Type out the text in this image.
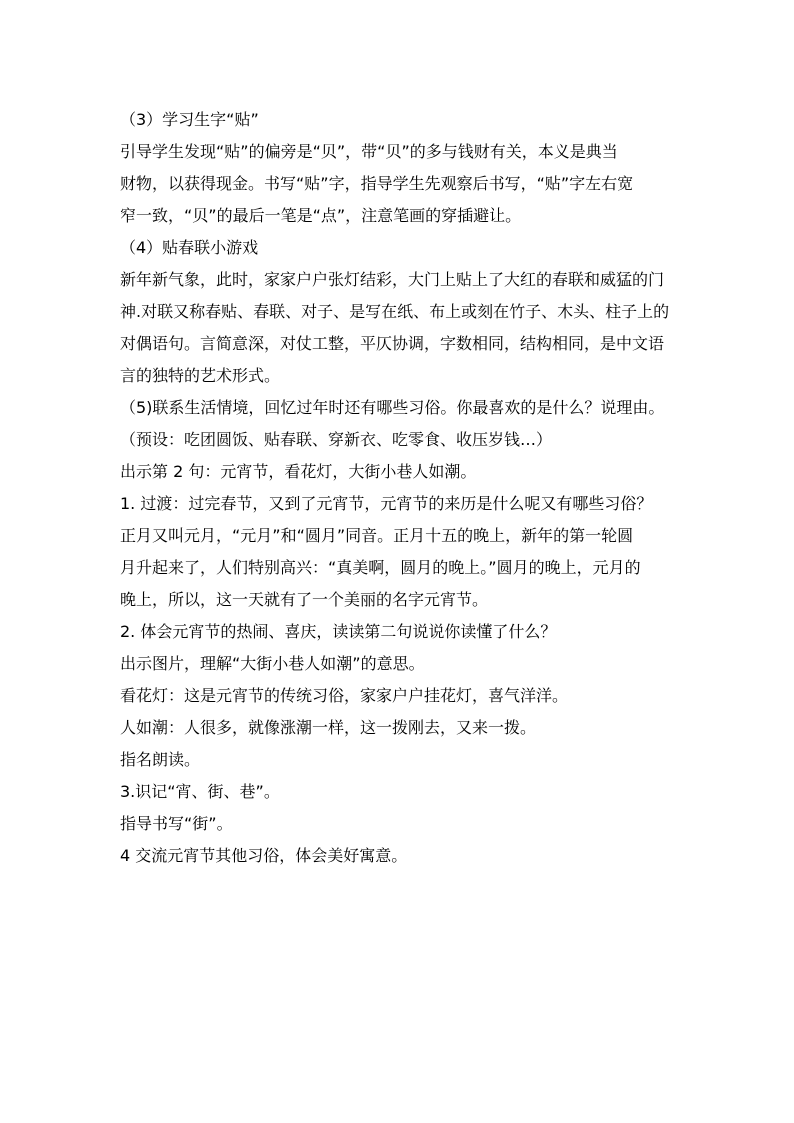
（3）学习生字“贴”
引导学生发现“贴”的偏旁是“贝”，带“贝”的多与钱财有关，本义是典当
财物，以获得现金。书写“贴”字，指导学生先观察后书写，“贴”字左右宽
窄一致，“贝”的最后一笔是“点”，注意笔画的穿插避让。
（4）贴春联小游戏
新年新气象，此时，家家户户张灯结彩，大门上贴上了大红的春联和威猛的门
神.对联又称春贴、春联、对子、是写在纸、布上或刻在竹子、木头、柱子上的
对偶语句。言简意深，对仗工整，平仄协调，字数相同，结构相同，是中文语
言的独特的艺术形式。
（5)联系生活情境，回忆过年时还有哪些习俗。你最喜欢的是什么？说理由。
（预设：吃团圆饭、贴春联、穿新衣、吃零食、收压岁钱…）
出示第 2 句：元宵节，看花灯，大街小巷人如潮。
1. 过渡：过完春节，又到了元宵节，元宵节的来历是什么呢又有哪些习俗？
正月又叫元月，“元月”和“圆月”同音。正月十五的晚上，新年的第一轮圆
月升起来了，人们特别高兴：“真美啊，圆月的晚上。”圆月的晚上，元月的
晚上，所以，这一天就有了一个美丽的名字元宵节。
2. 体会元宵节的热闹、喜庆，读读第二句说说你读懂了什么？
出示图片，理解“大街小巷人如潮”的意思。
看花灯：这是元宵节的传统习俗，家家户户挂花灯，喜气洋洋。
人如潮：人很多，就像涨潮一样，这一拨刚去，又来一拨。
指名朗读。
3.识记“宵、街、巷”。
指导书写“街”。
4 交流元宵节其他习俗，体会美好寓意。
